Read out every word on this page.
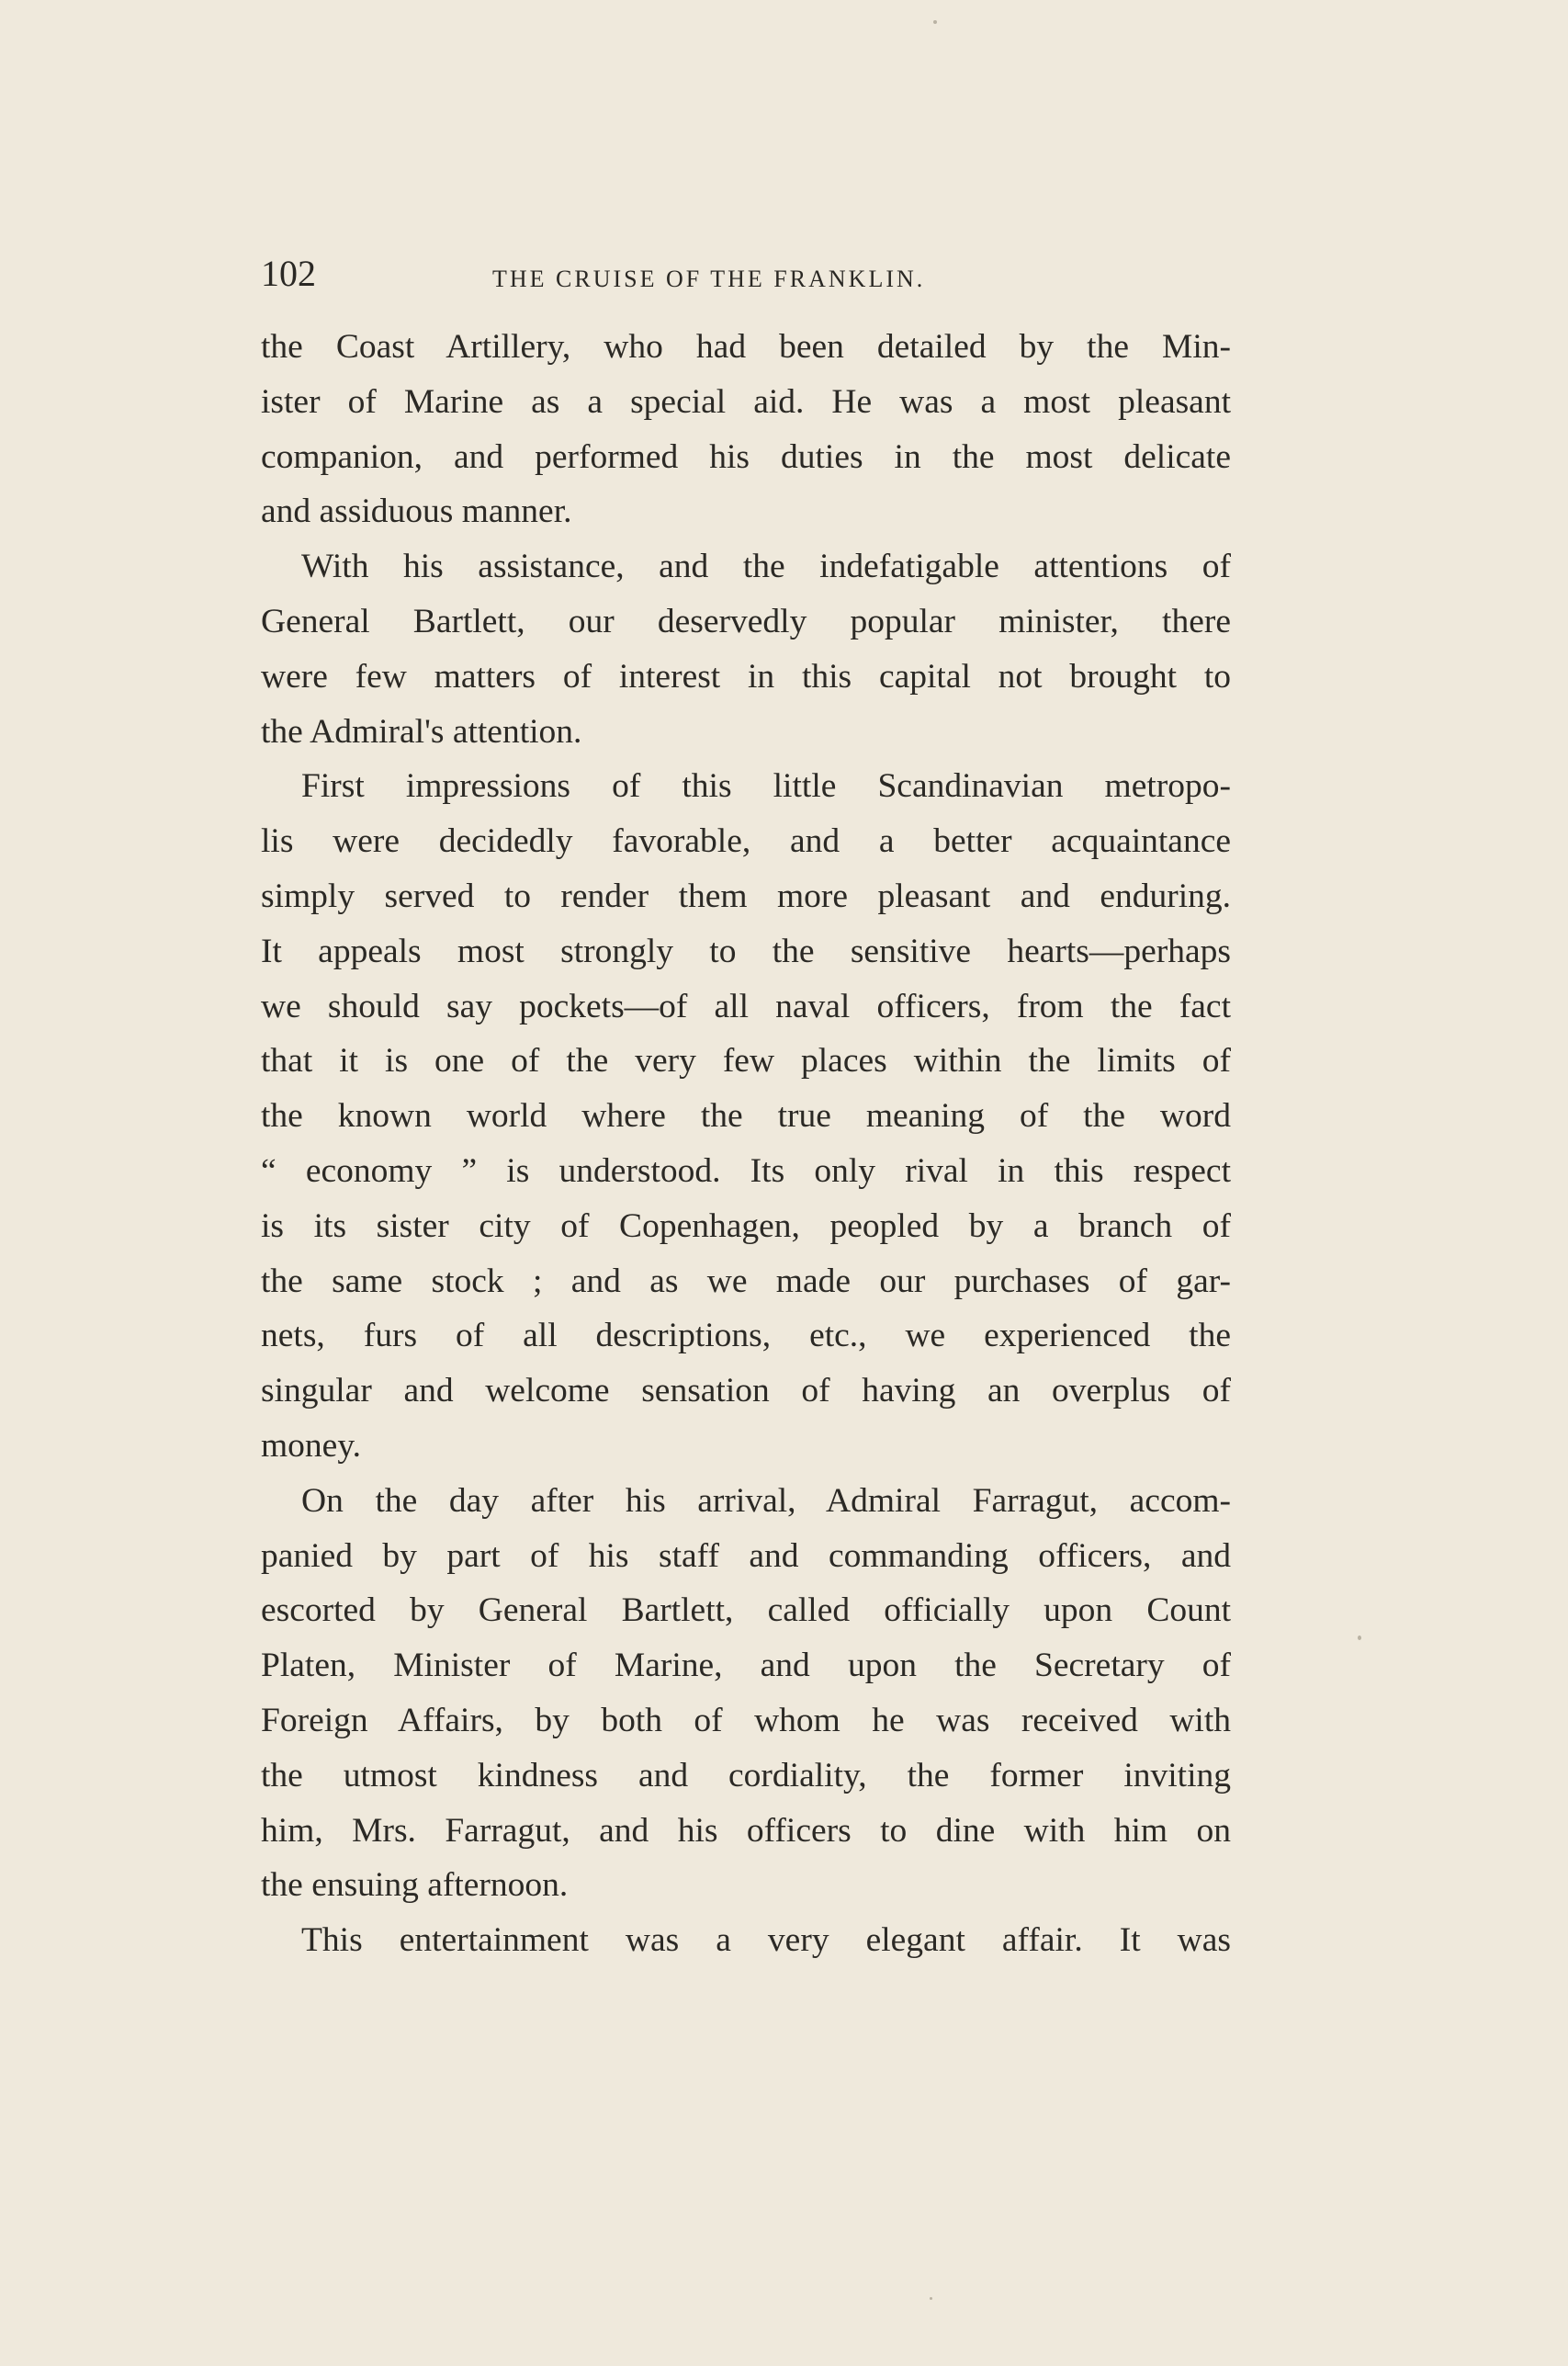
102	THE CRUISE OF THE FRANKLIN.
the Coast Artillery, who had been detailed by the Min-
ister of Marine as a special aid. He was a most pleasant
companion, and performed his duties in the most delicate
and assiduous manner.
With his assistance, and the indefatigable attentions of
General Bartlett, our deservedly popular minister, there
were few matters of interest in this capital not brought to
the Admiral's attention.
First impressions of this little Scandinavian metropo-
lis were decidedly favorable, and a better acquaintance
simply served to render them more pleasant and enduring.
It appeals most strongly to the sensitive hearts—perhaps
we should say pockets—of all naval officers, from the fact
that it is one of the very few places within the limits of
the known world where the true meaning of the word
“ economy ” is understood. Its only rival in this respect
is its sister city of Copenhagen, peopled by a branch of
the same stock ; and as we made our purchases of gar-
nets, furs of all descriptions, etc., we experienced the
singular and welcome sensation of having an overplus of
money.
On the day after his arrival, Admiral Farragut, accom-
panied by part of his staff and commanding officers, and
escorted by General Bartlett, called officially upon Count
Platen, Minister of Marine, and upon the Secretary of
Foreign Affairs, by both of whom he was received with
the utmost kindness and cordiality, the former inviting
him, Mrs. Farragut, and his officers to dine with him on
the ensuing afternoon.
This entertainment was a very elegant affair. It was
